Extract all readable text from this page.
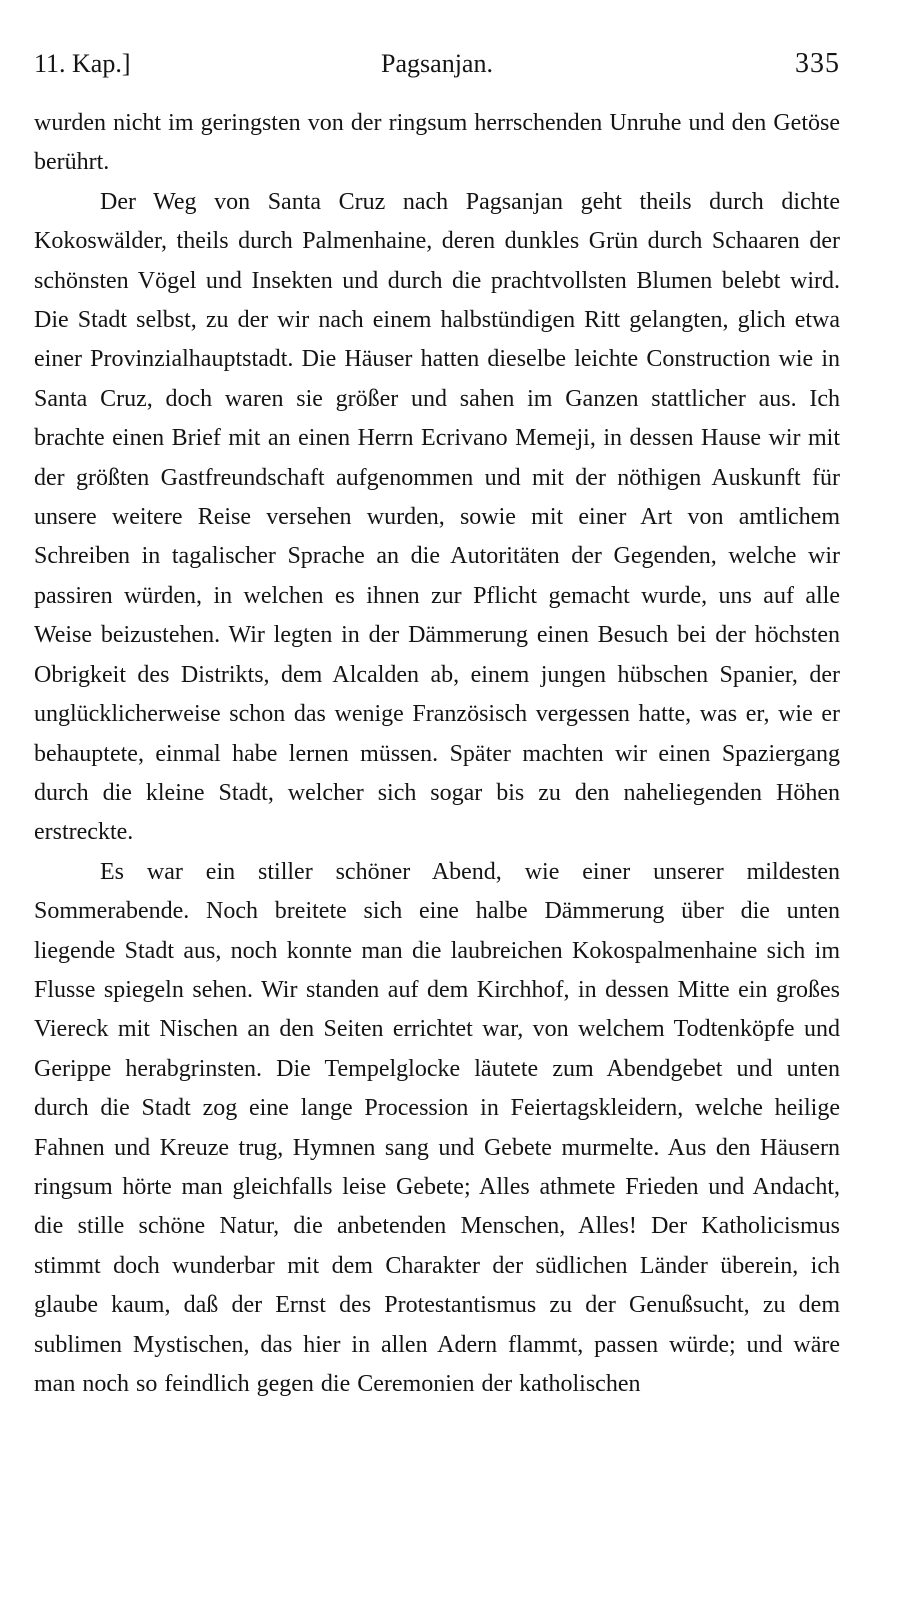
11. Kap.]	Pagsanjan.	335

wurden nicht im geringsten von der ringsum herrschenden Unruhe und den Getöse berührt.

Der Weg von Santa Cruz nach Pagsanjan geht theils durch dichte Kokoswälder, theils durch Palmenhaine, deren dunkles Grün durch Schaaren der schönsten Vögel und Insekten und durch die prachtvollsten Blumen belebt wird. Die Stadt selbst, zu der wir nach einem halbstündigen Ritt gelangten, glich etwa einer Provinzialhauptstadt. Die Häuser hatten dieselbe leichte Construction wie in Santa Cruz, doch waren sie größer und sahen im Ganzen stattlicher aus. Ich brachte einen Brief mit an einen Herrn Ecrivano Memeji, in dessen Hause wir mit der größten Gastfreundschaft aufgenommen und mit der nöthigen Auskunft für unsere weitere Reise versehen wurden, sowie mit einer Art von amtlichem Schreiben in tagalischer Sprache an die Autoritäten der Gegenden, welche wir passiren würden, in welchen es ihnen zur Pflicht gemacht wurde, uns auf alle Weise beizustehen. Wir legten in der Dämmerung einen Besuch bei der höchsten Obrigkeit des Distrikts, dem Alcalden ab, einem jungen hübschen Spanier, der unglücklicherweise schon das wenige Französisch vergessen hatte, was er, wie er behauptete, einmal habe lernen müssen. Später machten wir einen Spaziergang durch die kleine Stadt, welcher sich sogar bis zu den naheliegenden Höhen erstreckte.

Es war ein stiller schöner Abend, wie einer unserer mildesten Sommerabende. Noch breitete sich eine halbe Dämmerung über die unten liegende Stadt aus, noch konnte man die laubreichen Kokospalmenhaine sich im Flusse spiegeln sehen. Wir standen auf dem Kirchhof, in dessen Mitte ein großes Viereck mit Nischen an den Seiten errichtet war, von welchem Todtenköpfe und Gerippe herabgrinsten. Die Tempelglocke läutete zum Abendgebet und unten durch die Stadt zog eine lange Procession in Feiertagskleidern, welche heilige Fahnen und Kreuze trug, Hymnen sang und Gebete murmelte. Aus den Häusern ringsum hörte man gleichfalls leise Gebete; Alles athmete Frieden und Andacht, die stille schöne Natur, die anbetenden Menschen, Alles! Der Katholicismus stimmt doch wunderbar mit dem Charakter der südlichen Länder überein, ich glaube kaum, daß der Ernst des Protestantismus zu der Genußsucht, zu dem sublimen Mystischen, das hier in allen Adern flammt, passen würde; und wäre man noch so feindlich gegen die Ceremonien der katholischen
